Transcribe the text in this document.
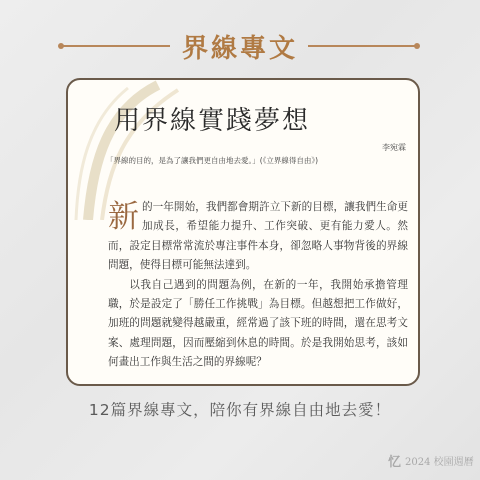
界線專文
用界線實踐夢想
李宛霖
「界線的目的，是為了讓我們更自由地去愛。」(《立界線得自由》)

新的一年開始，我們都會期許立下新的目標，讓我們生命更加成長，希望能力提升、工作突破、更有能力愛人。然而，設定目標常常流於專注事件本身，卻忽略人事物背後的界線問題，使得目標可能無法達到。

以我自己遇到的問題為例，在新的一年，我開始承擔管理職，於是設定了「勝任工作挑戰」為目標。但越想把工作做好，加班的問題就變得越嚴重，經常過了該下班的時間，還在思考文案、處理問題，因而壓縮到休息的時間。於是我開始思考，該如何畫出工作與生活之間的界線呢？

12篇界線專文，陪你有界線自由地去愛！
忆 2024 校園週曆
